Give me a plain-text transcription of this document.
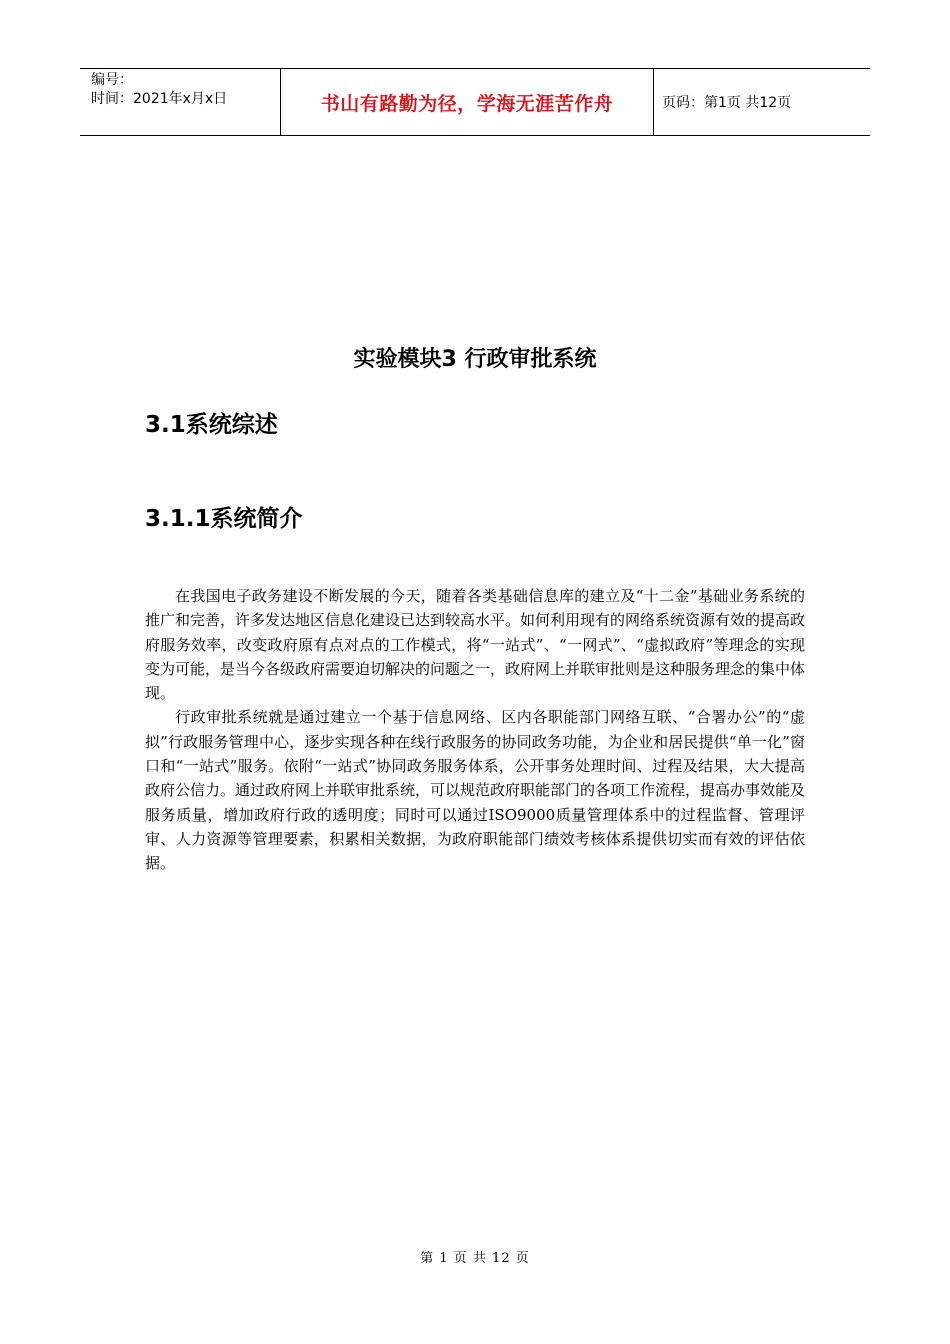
编号：
时间：2021年x月x日	书山有路勤为径，学海无涯苦作舟	页码：第1页 共12页
实验模块3 行政审批系统
3.1系统综述
3.1.1系统简介

在我国电子政务建设不断发展的今天，随着各类基础信息库的建立及“十二金”基础业务系统的推广和完善，许多发达地区信息化建设已达到较高水平。如何利用现有的网络系统资源有效的提高政府服务效率，改变政府原有点对点的工作模式，将“一站式”、“一网式”、“虚拟政府”等理念的实现变为可能，是当今各级政府需要迫切解决的问题之一，政府网上并联审批则是这种服务理念的集中体现。

行政审批系统就是通过建立一个基于信息网络、区内各职能部门网络互联、“合署办公”的“虚拟”行政服务管理中心，逐步实现各种在线行政服务的协同政务功能，为企业和居民提供“单一化”窗口和“一站式”服务。依附“一站式”协同政务服务体系，公开事务处理时间、过程及结果，大大提高政府公信力。通过政府网上并联审批系统，可以规范政府职能部门的各项工作流程，提高办事效能及服务质量，增加政府行政的透明度；同时可以通过ISO9000质量管理体系中的过程监督、管理评审、人力资源等管理要素，积累相关数据，为政府职能部门绩效考核体系提供切实而有效的评估依据。

第 1 页 共 12 页
